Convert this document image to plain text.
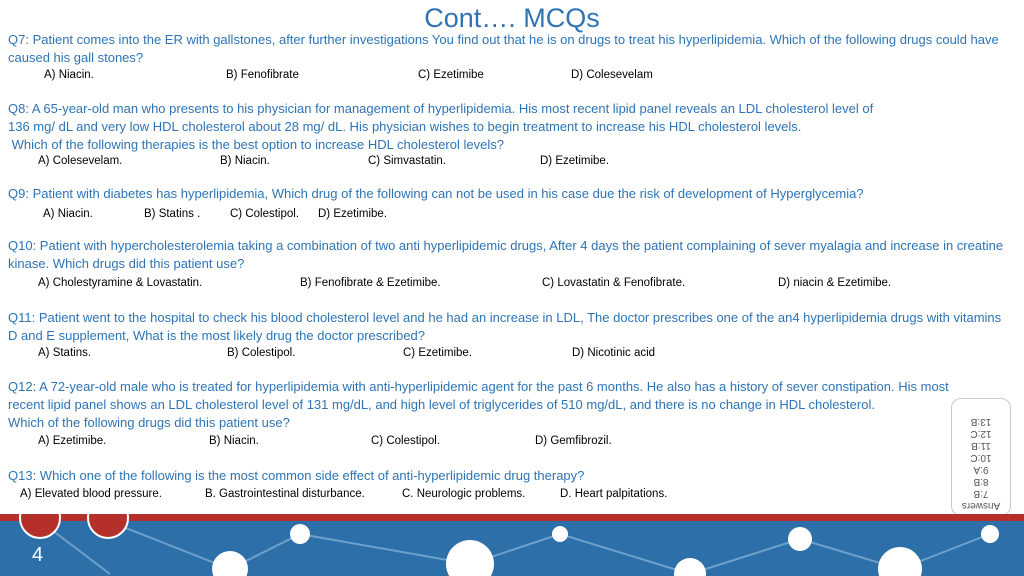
Cont…. MCQs

Q7: Patient comes into the ER with gallstones, after further investigations You find out that he is on drugs to treat his hyperlipidemia. Which of the following drugs could have caused his gall stones?

A) Niacin.	B) Fenofibrate	C) Ezetimibe	D) Colesevelam

Q8: A 65-year-old man who presents to his physician for management of hyperlipidemia. His most recent lipid panel reveals an LDL cholesterol level of

136 mg/ dL and very low HDL cholesterol about 28 mg/ dL. His physician wishes to begin treatment to increase his HDL cholesterol levels.

Which of the following therapies is the best option to increase HDL cholesterol levels?

A) Colesevelam.	B) Niacin.	C) Simvastatin.	D) Ezetimibe.

Q9: Patient with diabetes has hyperlipidemia, Which drug of the following can not be used in his case due the risk of development of Hyperglycemia?

A) Niacin.	B) Statins .	C) Colestipol. D) Ezetimibe.

Q10: Patient with hypercholesterolemia taking a combination of two anti hyperlipidemic drugs, After 4 days the patient complaining of sever myalagia and increase in creatine kinase. Which drugs did this patient use?

A) Cholestyramine & Lovastatin.	B) Fenofibrate & Ezetimibe.	C) Lovastatin & Fenofibrate.	D) niacin & Ezetimibe.

Q11: Patient went to the hospital to check his blood cholesterol level and he had an increase in LDL, The doctor prescribes one of the an4 hyperlipidemia drugs with vitamins D and E supplement, What is the most likely drug the doctor prescribed?

A) Statins.	B) Colestipol.	C) Ezetimibe.	D) Nicotinic acid

Q12: A 72-year-old male who is treated for hyperlipidemia with anti-hyperlipidemic agent for the past 6 months. He also has a history of sever constipation. His most

recent lipid panel shows an LDL cholesterol level of 131 mg/dL, and high level of triglycerides of 510 mg/dL, and there is no change in HDL cholesterol.

Which of the following drugs did this patient use?

A) Ezetimibe.	B) Niacin.	C) Colestipol.	D) Gemfibrozil.

Q13: Which one of the following is the most common side effect of anti-hyperlipidemic drug therapy?

A) Elevated blood pressure.	B. Gastrointestinal disturbance.	C. Neurologic problems.	D. Heart palpitations.
Answers
7:B
8:B
9:A
10:C
11:B
12:C
13:B
4
